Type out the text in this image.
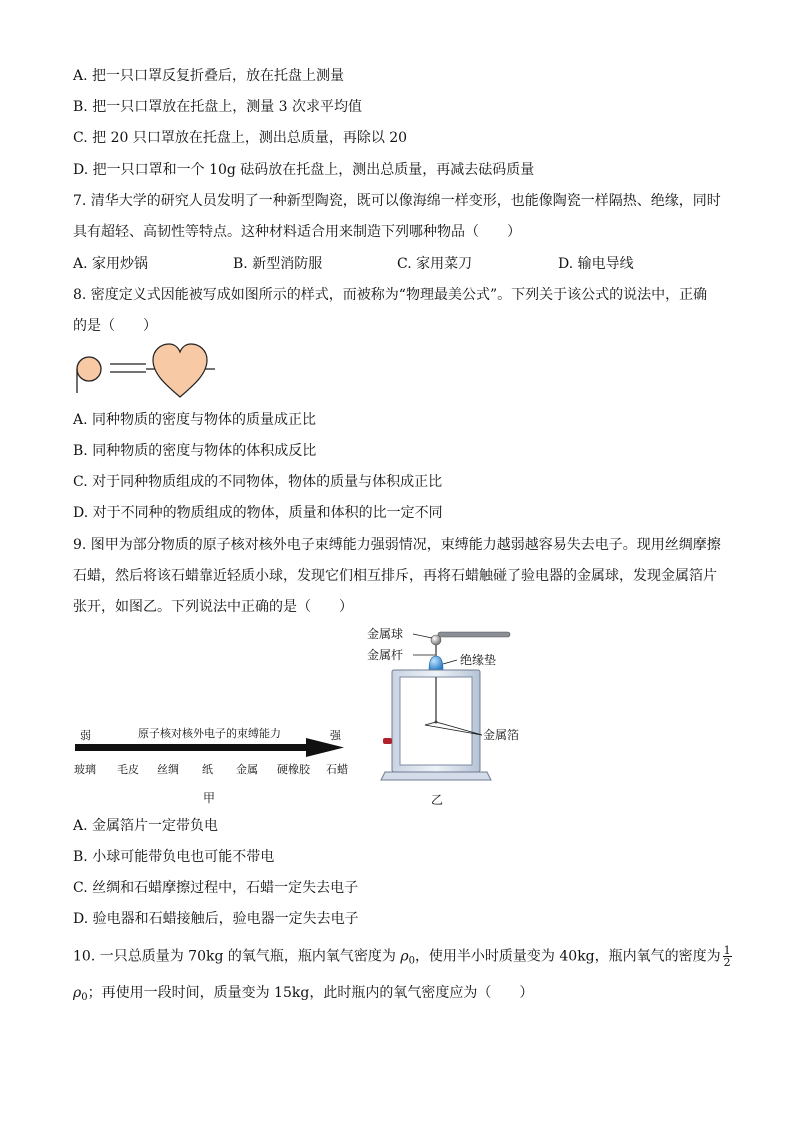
A. 把一只口罩反复折叠后，放在托盘上测量
B. 把一只口罩放在托盘上，测量 3 次求平均值
C. 把 20 只口罩放在托盘上，测出总质量，再除以 20
D. 把一只口罩和一个 10g 砝码放在托盘上，测出总质量，再减去砝码质量
7. 清华大学的研究人员发明了一种新型陶瓷，既可以像海绵一样变形，也能像陶瓷一样隔热、绝缘，同时
具有超轻、高韧性等特点。这种材料适合用来制造下列哪种物品（　　）
A. 家用炒锅	B. 新型消防服	C. 家用菜刀	D. 输电导线
8. 密度定义式因能被写成如图所示的样式，而被称为“物理最美公式”。下列关于该公式的说法中，正确
的是（　　）
A. 同种物质的密度与物体的质量成正比
B. 同种物质的密度与物体的体积成反比
C. 对于同种物质组成的不同物体，物体的质量与体积成正比
D. 对于不同种的物质组成的物体，质量和体积的比一定不同
9. 图甲为部分物质的原子核对核外电子束缚能力强弱情况，束缚能力越弱越容易失去电子。现用丝绸摩擦
石蜡，然后将该石蜡靠近轻质小球，发现它们相互排斥，再将石蜡触碰了验电器的金属球，发现金属箔片
张开，如图乙。下列说法中正确的是（　　）
弱	原子核对核外电子的束缚能力	强
玻璃 毛皮 丝绸 纸 金属 硬橡胶 石蜡
甲
金属球
金属杆	绝缘垫
金属箔
乙
A. 金属箔片一定带负电
B. 小球可能带负电也可能不带电
C. 丝绸和石蜡摩擦过程中，石蜡一定失去电子
D. 验电器和石蜡接触后，验电器一定失去电子
10. 一只总质量为 70kg 的氧气瓶，瓶内氧气密度为 $\rho_0$，使用半小时质量变为 40kg，瓶内氧气的密度为 $\frac{1}{2}$
$\rho_0$；再使用一段时间，质量变为 15kg，此时瓶内的氧气密度应为（　　）
